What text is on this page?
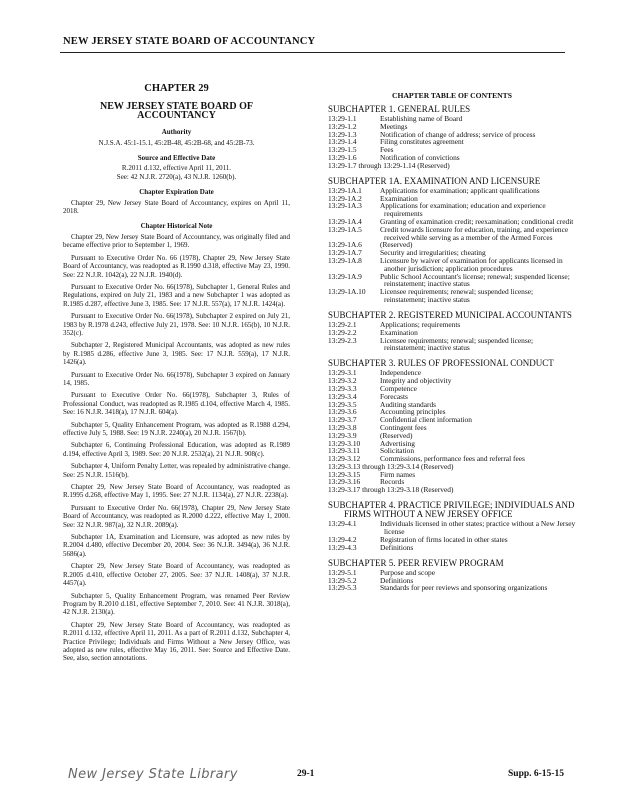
NEW JERSEY STATE BOARD OF ACCOUNTANCY
CHAPTER 29
NEW JERSEY STATE BOARD OF ACCOUNTANCY
Authority
N.J.S.A. 45:1-15.1, 45:2B-48, 45:2B-68, and 45:2B-73.
Source and Effective Date
R.2011 d.132, effective April 11, 2011.
See: 42 N.J.R. 2720(a), 43 N.J.R. 1260(b).
Chapter Expiration Date
Chapter 29, New Jersey State Board of Accountancy, expires on April 11, 2018.
Chapter Historical Note
Chapter 29, New Jersey State Board of Accountancy, was originally filed and became effective prior to September 1, 1969.
Pursuant to Executive Order No. 66 (1978), Chapter 29, New Jersey State Board of Accountancy, was readopted as R.1990 d.318, effective May 23, 1990. See: 22 N.J.R. 1042(a), 22 N.J.R. 1940(d).
Pursuant to Executive Order No. 66(1978), Subchapter 1, General Rules and Regulations, expired on July 21, 1983 and a new Subchapter 1 was adopted as R.1985 d.287, effective June 3, 1985. See: 17 N.J.R. 557(a), 17 N.J.R. 1424(a).
Pursuant to Executive Order No. 66(1978), Subchapter 2 expired on July 21, 1983 by R.1978 d.243, effective July 21, 1978. See: 10 N.J.R. 165(b), 10 N.J.R. 352(c).
Subchapter 2, Registered Municipal Accountants, was adopted as new rules by R.1985 d.286, effective June 3, 1985. See: 17 N.J.R. 559(a), 17 N.J.R. 1426(a).
Pursuant to Executive Order No. 66(1978), Subchapter 3 expired on January 14, 1985.
Pursuant to Executive Order No. 66(1978), Subchapter 3, Rules of Professional Conduct, was readopted as R.1985 d.104, effective March 4, 1985. See: 16 N.J.R. 3418(a), 17 N.J.R. 604(a).
Subchapter 5, Quality Enhancement Program, was adopted as R.1988 d.294, effective July 5, 1988. See: 19 N.J.R. 2240(a), 20 N.J.R. 1567(b).
Subchapter 6, Continuing Professional Education, was adopted as R.1989 d.194, effective April 3, 1989. See: 20 N.J.R. 2532(a), 21 N.J.R. 908(c).
Subchapter 4, Uniform Penalty Letter, was repealed by administrative change. See: 25 N.J.R. 1516(b).
Chapter 29, New Jersey State Board of Accountancy, was readopted as R.1995 d.268, effective May 1, 1995. See: 27 N.J.R. 1134(a), 27 N.J.R. 2238(a).
Pursuant to Executive Order No. 66(1978), Chapter 29, New Jersey State Board of Accountancy, was readopted as R.2000 d.222, effective May 1, 2000. See: 32 N.J.R. 987(a), 32 N.J.R. 2089(a).
Subchapter 1A, Examination and Licensure, was adopted as new rules by R.2004 d.480, effective December 20, 2004. See: 36 N.J.R. 3494(a), 36 N.J.R. 5686(a).
Chapter 29, New Jersey State Board of Accountancy, was readopted as R.2005 d.410, effective October 27, 2005. See: 37 N.J.R. 1408(a), 37 N.J.R. 4457(a).
Subchapter 5, Quality Enhancement Program, was renamed Peer Review Program by R.2010 d.181, effective September 7, 2010. See: 41 N.J.R. 3018(a), 42 N.J.R. 2130(a).
Chapter 29, New Jersey State Board of Accountancy, was readopted as R.2011 d.132, effective April 11, 2011. As a part of R.2011 d.132, Subchapter 4, Practice Privilege; Individuals and Firms Without a New Jersey Office, was adopted as new rules, effective May 16, 2011. See: Source and Effective Date. See, also, section annotations.
CHAPTER TABLE OF CONTENTS
SUBCHAPTER 1. GENERAL RULES
13:29-1.1	Establishing name of Board
13:29-1.2	Meetings
13:29-1.3	Notification of change of address; service of process
13:29-1.4	Filing constitutes agreement
13:29-1.5	Fees
13:29-1.6	Notification of convictions
13:29-1.7 through 13:29-1.14 (Reserved)
SUBCHAPTER 1A. EXAMINATION AND LICENSURE
13:29-1A.1	Applications for examination; applicant qualifications
13:29-1A.2	Examination
13:29-1A.3	Applications for examination; education and experience requirements
13:29-1A.4	Granting of examination credit; reexamination; conditional credit
13:29-1A.5	Credit towards licensure for education, training, and experience received while serving as a member of the Armed Forces
13:29-1A.6	(Reserved)
13:29-1A.7	Security and irregularities; cheating
13:29-1A.8	Licensure by waiver of examination for applicants licensed in another jurisdiction; application procedures
13:29-1A.9	Public School Accountant's license; renewal; suspended license; reinstatement; inactive status
13:29-1A.10	Licensee requirements; renewal; suspended license; reinstatement; inactive status
SUBCHAPTER 2. REGISTERED MUNICIPAL ACCOUNTANTS
13:29-2.1	Applications; requirements
13:29-2.2	Examination
13:29-2.3	Licensee requirements; renewal; suspended license; reinstatement; inactive status
SUBCHAPTER 3. RULES OF PROFESSIONAL CONDUCT
13:29-3.1	Independence
13:29-3.2	Integrity and objectivity
13:29-3.3	Competence
13:29-3.4	Forecasts
13:29-3.5	Auditing standards
13:29-3.6	Accounting principles
13:29-3.7	Confidential client information
13:29-3.8	Contingent fees
13:29-3.9	(Reserved)
13:29-3.10	Advertising
13:29-3.11	Solicitation
13:29-3.12	Commissions, performance fees and referral fees
13:29-3.13 through 13:29-3.14 (Reserved)
13:29-3.15	Firm names
13:29-3.16	Records
13:29-3.17 through 13:29-3.18 (Reserved)
SUBCHAPTER 4. PRACTICE PRIVILEGE; INDIVIDUALS AND FIRMS WITHOUT A NEW JERSEY OFFICE
13:29-4.1	Individuals licensed in other states; practice without a New Jersey license
13:29-4.2	Registration of firms located in other states
13:29-4.3	Definitions
SUBCHAPTER 5. PEER REVIEW PROGRAM
13:29-5.1	Purpose and scope
13:29-5.2	Definitions
13:29-5.3	Standards for peer reviews and sponsoring organizations
New Jersey State Library	29-1	Supp. 6-15-15
